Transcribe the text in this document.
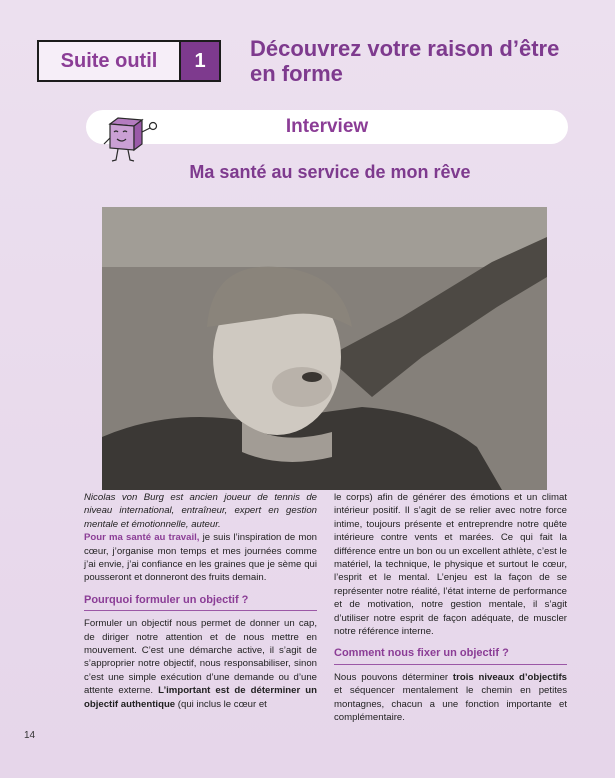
Suite outil	1	Découvrez votre raison d’être en forme
Interview
Ma santé au service de mon rêve

Nicolas von Burg est ancien joueur de tennis de niveau international, entraîneur, expert en gestion mentale et émotionnelle, auteur.

Pour ma santé au travail, je suis l’inspiration de mon cœur, j’organise mon temps et mes journées comme j’ai envie, j’ai confiance en les graines que je sème qui pousseront et donneront des fruits demain.

Pourquoi formuler un objectif ?

Formuler un objectif nous permet de donner un cap, de diriger notre attention et de nous mettre en mouvement. C’est une démarche active, il s’agit de s’approprier notre objectif, nous responsabiliser, sinon c’est une simple exécution d’une demande ou d’une attente externe. L’important est de déterminer un objectif authentique (qui inclus le cœur et

le corps) afin de générer des émotions et un climat intérieur positif. Il s’agit de se relier avec notre force intime, toujours présente et entreprendre notre quête intérieure contre vents et marées. Ce qui fait la différence entre un bon ou un excellent athlète, c’est le matériel, la technique, le physique et surtout le cœur, l’esprit et le mental. L’enjeu est la façon de se représenter notre réalité, l’état interne de performance et de motivation, notre gestion mentale, il s’agit d’utiliser notre esprit de façon adéquate, de muscler notre référence interne.

Comment nous fixer un objectif ?

Nous pouvons déterminer trois niveaux d’objectifs et séquencer mentalement le chemin en petites montagnes, chacun a une fonction importante et complémentaire.

14
